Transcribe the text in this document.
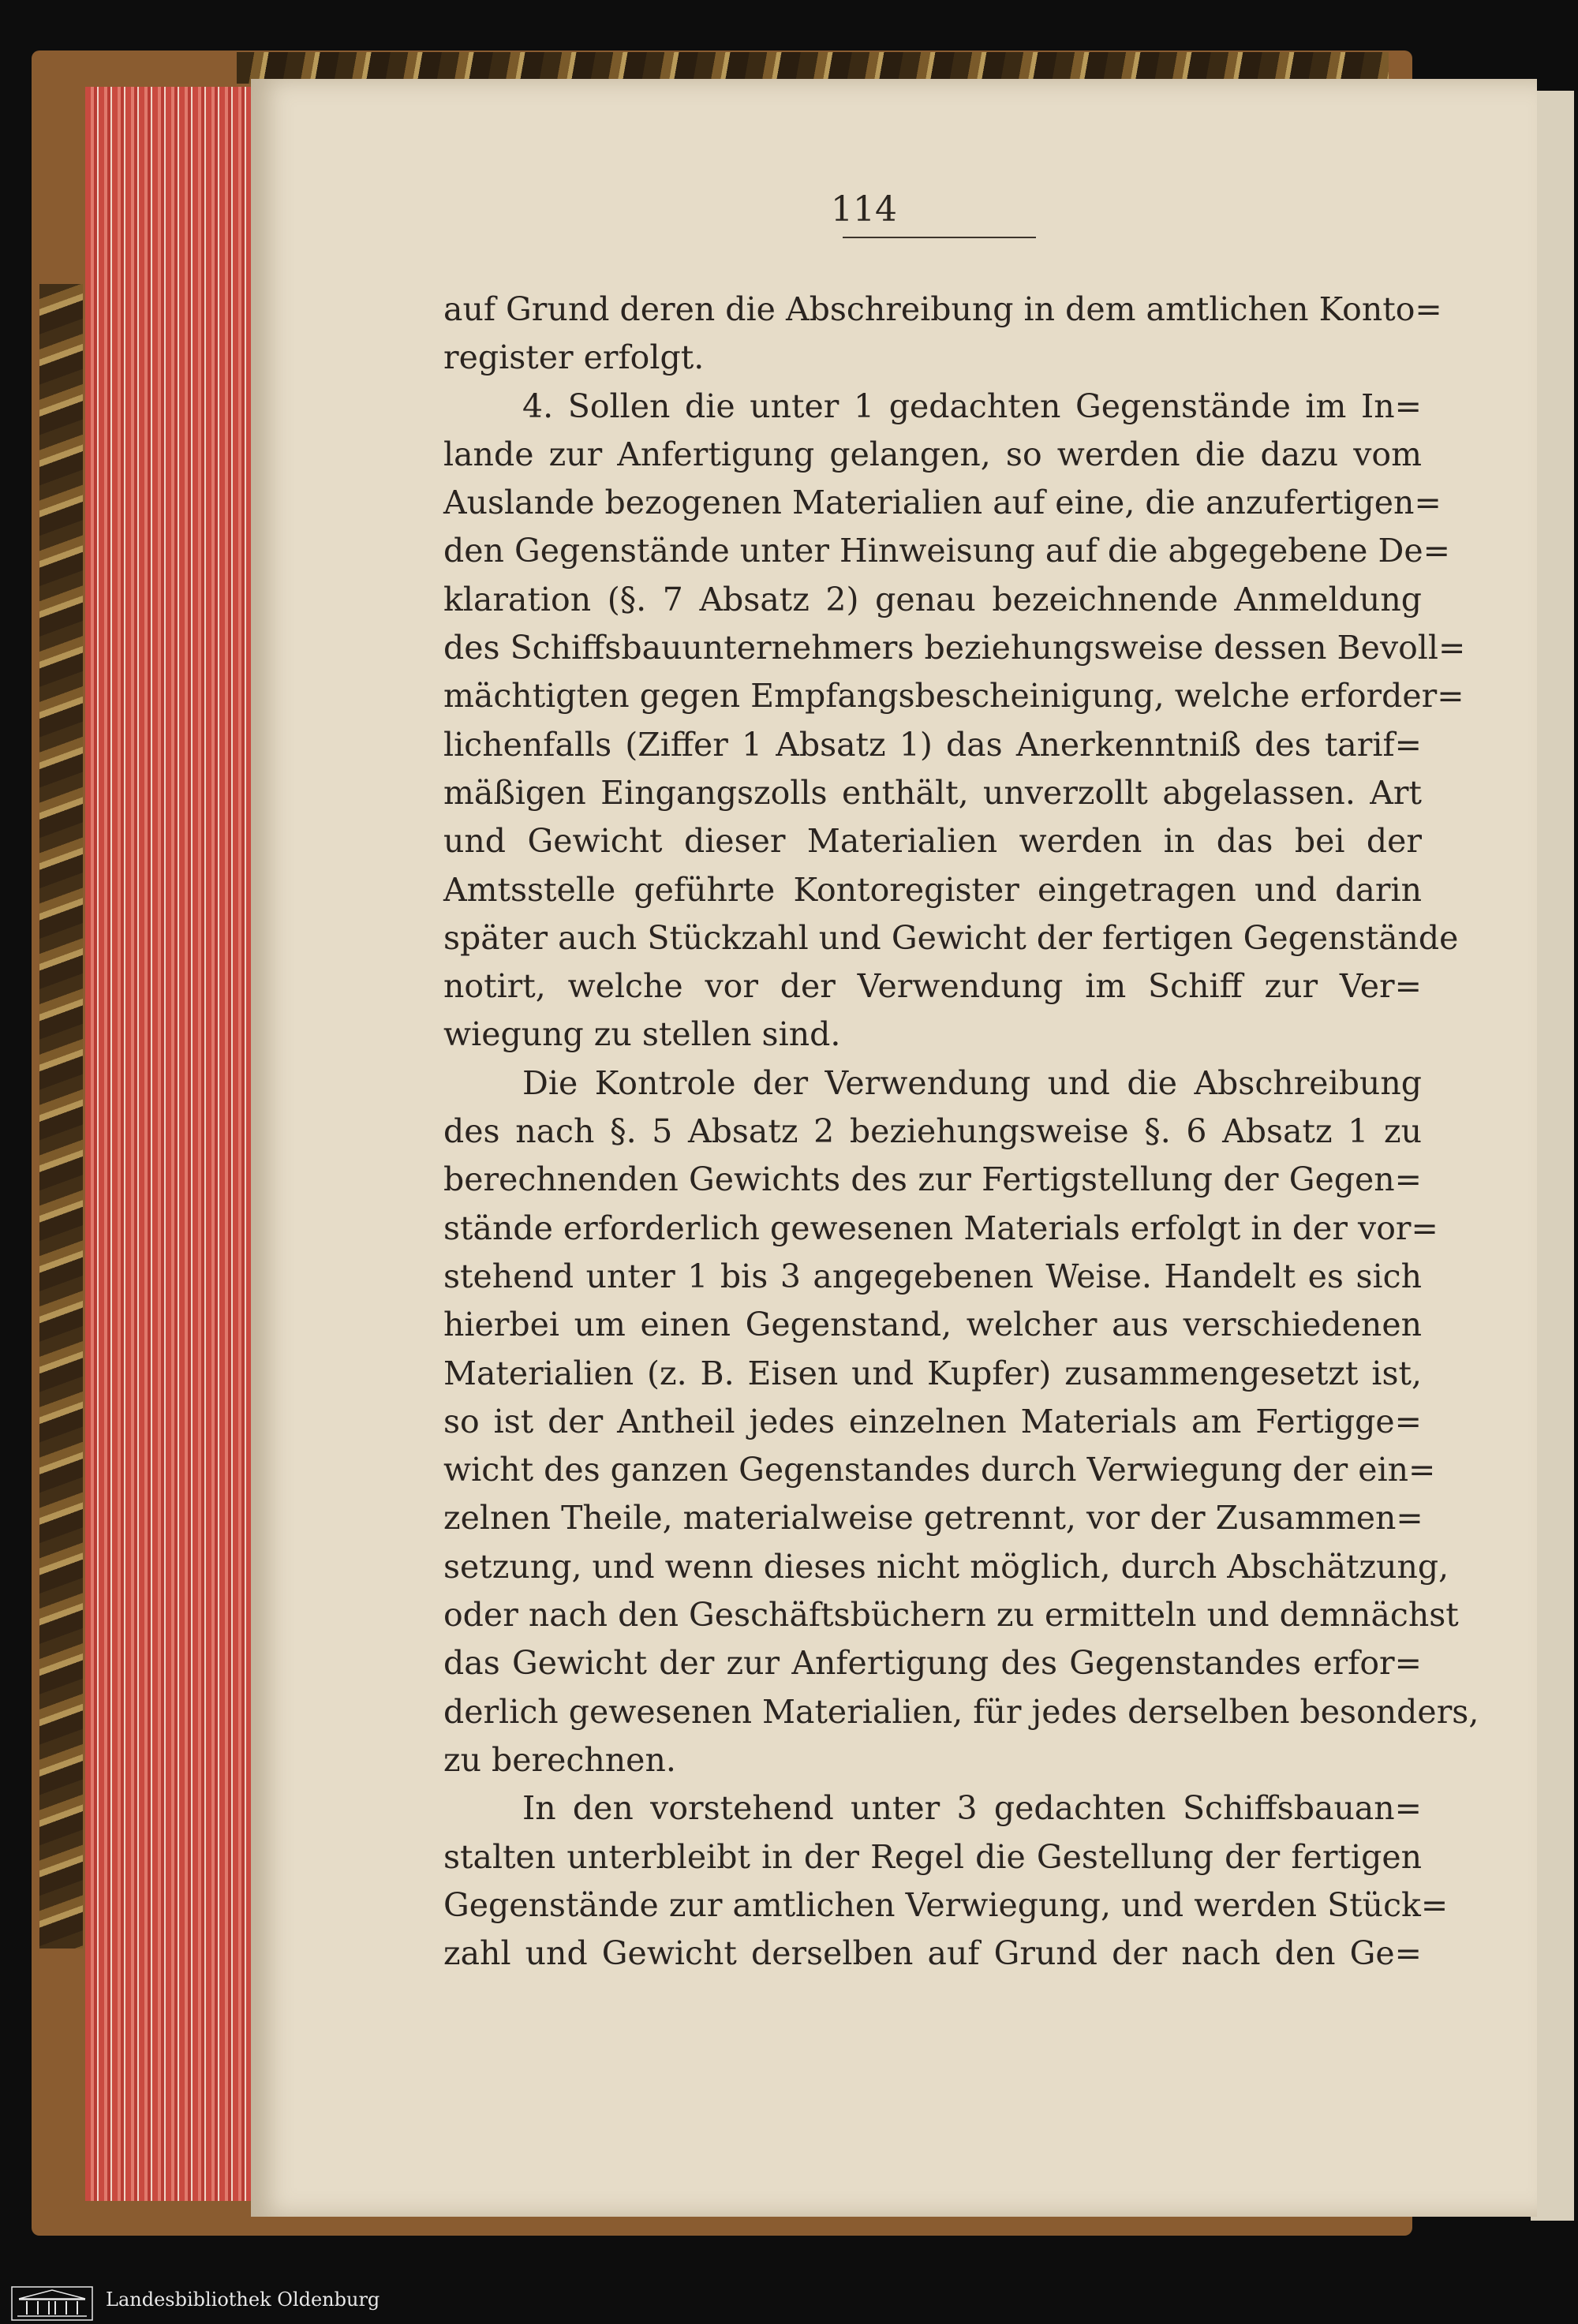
114
auf Grund deren die Abschreibung in dem amtlichen Konto=
register erfolgt.
4. Sollen die unter 1 gedachten Gegenstände im In=
lande zur Anfertigung gelangen, so werden die dazu vom
Auslande bezogenen Materialien auf eine, die anzufertigen=
den Gegenstände unter Hinweisung auf die abgegebene De=
klaration (§. 7 Absatz 2) genau bezeichnende Anmeldung
des Schiffsbauunternehmers beziehungsweise dessen Bevoll=
mächtigten gegen Empfangsbescheinigung, welche erforder=
lichenfalls (Ziffer 1 Absatz 1) das Anerkenntniß des tarif=
mäßigen Eingangszolls enthält, unverzollt abgelassen. Art
und Gewicht dieser Materialien werden in das bei der
Amtsstelle geführte Kontoregister eingetragen und darin
später auch Stückzahl und Gewicht der fertigen Gegenstände
notirt, welche vor der Verwendung im Schiff zur Ver=
wiegung zu stellen sind.
Die Kontrole der Verwendung und die Abschreibung
des nach §. 5 Absatz 2 beziehungsweise §. 6 Absatz 1 zu
berechnenden Gewichts des zur Fertigstellung der Gegen=
stände erforderlich gewesenen Materials erfolgt in der vor=
stehend unter 1 bis 3 angegebenen Weise. Handelt es sich
hierbei um einen Gegenstand, welcher aus verschiedenen
Materialien (z. B. Eisen und Kupfer) zusammengesetzt ist,
so ist der Antheil jedes einzelnen Materials am Fertigge=
wicht des ganzen Gegenstandes durch Verwiegung der ein=
zelnen Theile, materialweise getrennt, vor der Zusammen=
setzung, und wenn dieses nicht möglich, durch Abschätzung,
oder nach den Geschäftsbüchern zu ermitteln und demnächst
das Gewicht der zur Anfertigung des Gegenstandes erfor=
derlich gewesenen Materialien, für jedes derselben besonders,
zu berechnen.
In den vorstehend unter 3 gedachten Schiffsbauan=
stalten unterbleibt in der Regel die Gestellung der fertigen
Gegenstände zur amtlichen Verwiegung, und werden Stück=
zahl und Gewicht derselben auf Grund der nach den Ge=
Landesbibliothek Oldenburg
